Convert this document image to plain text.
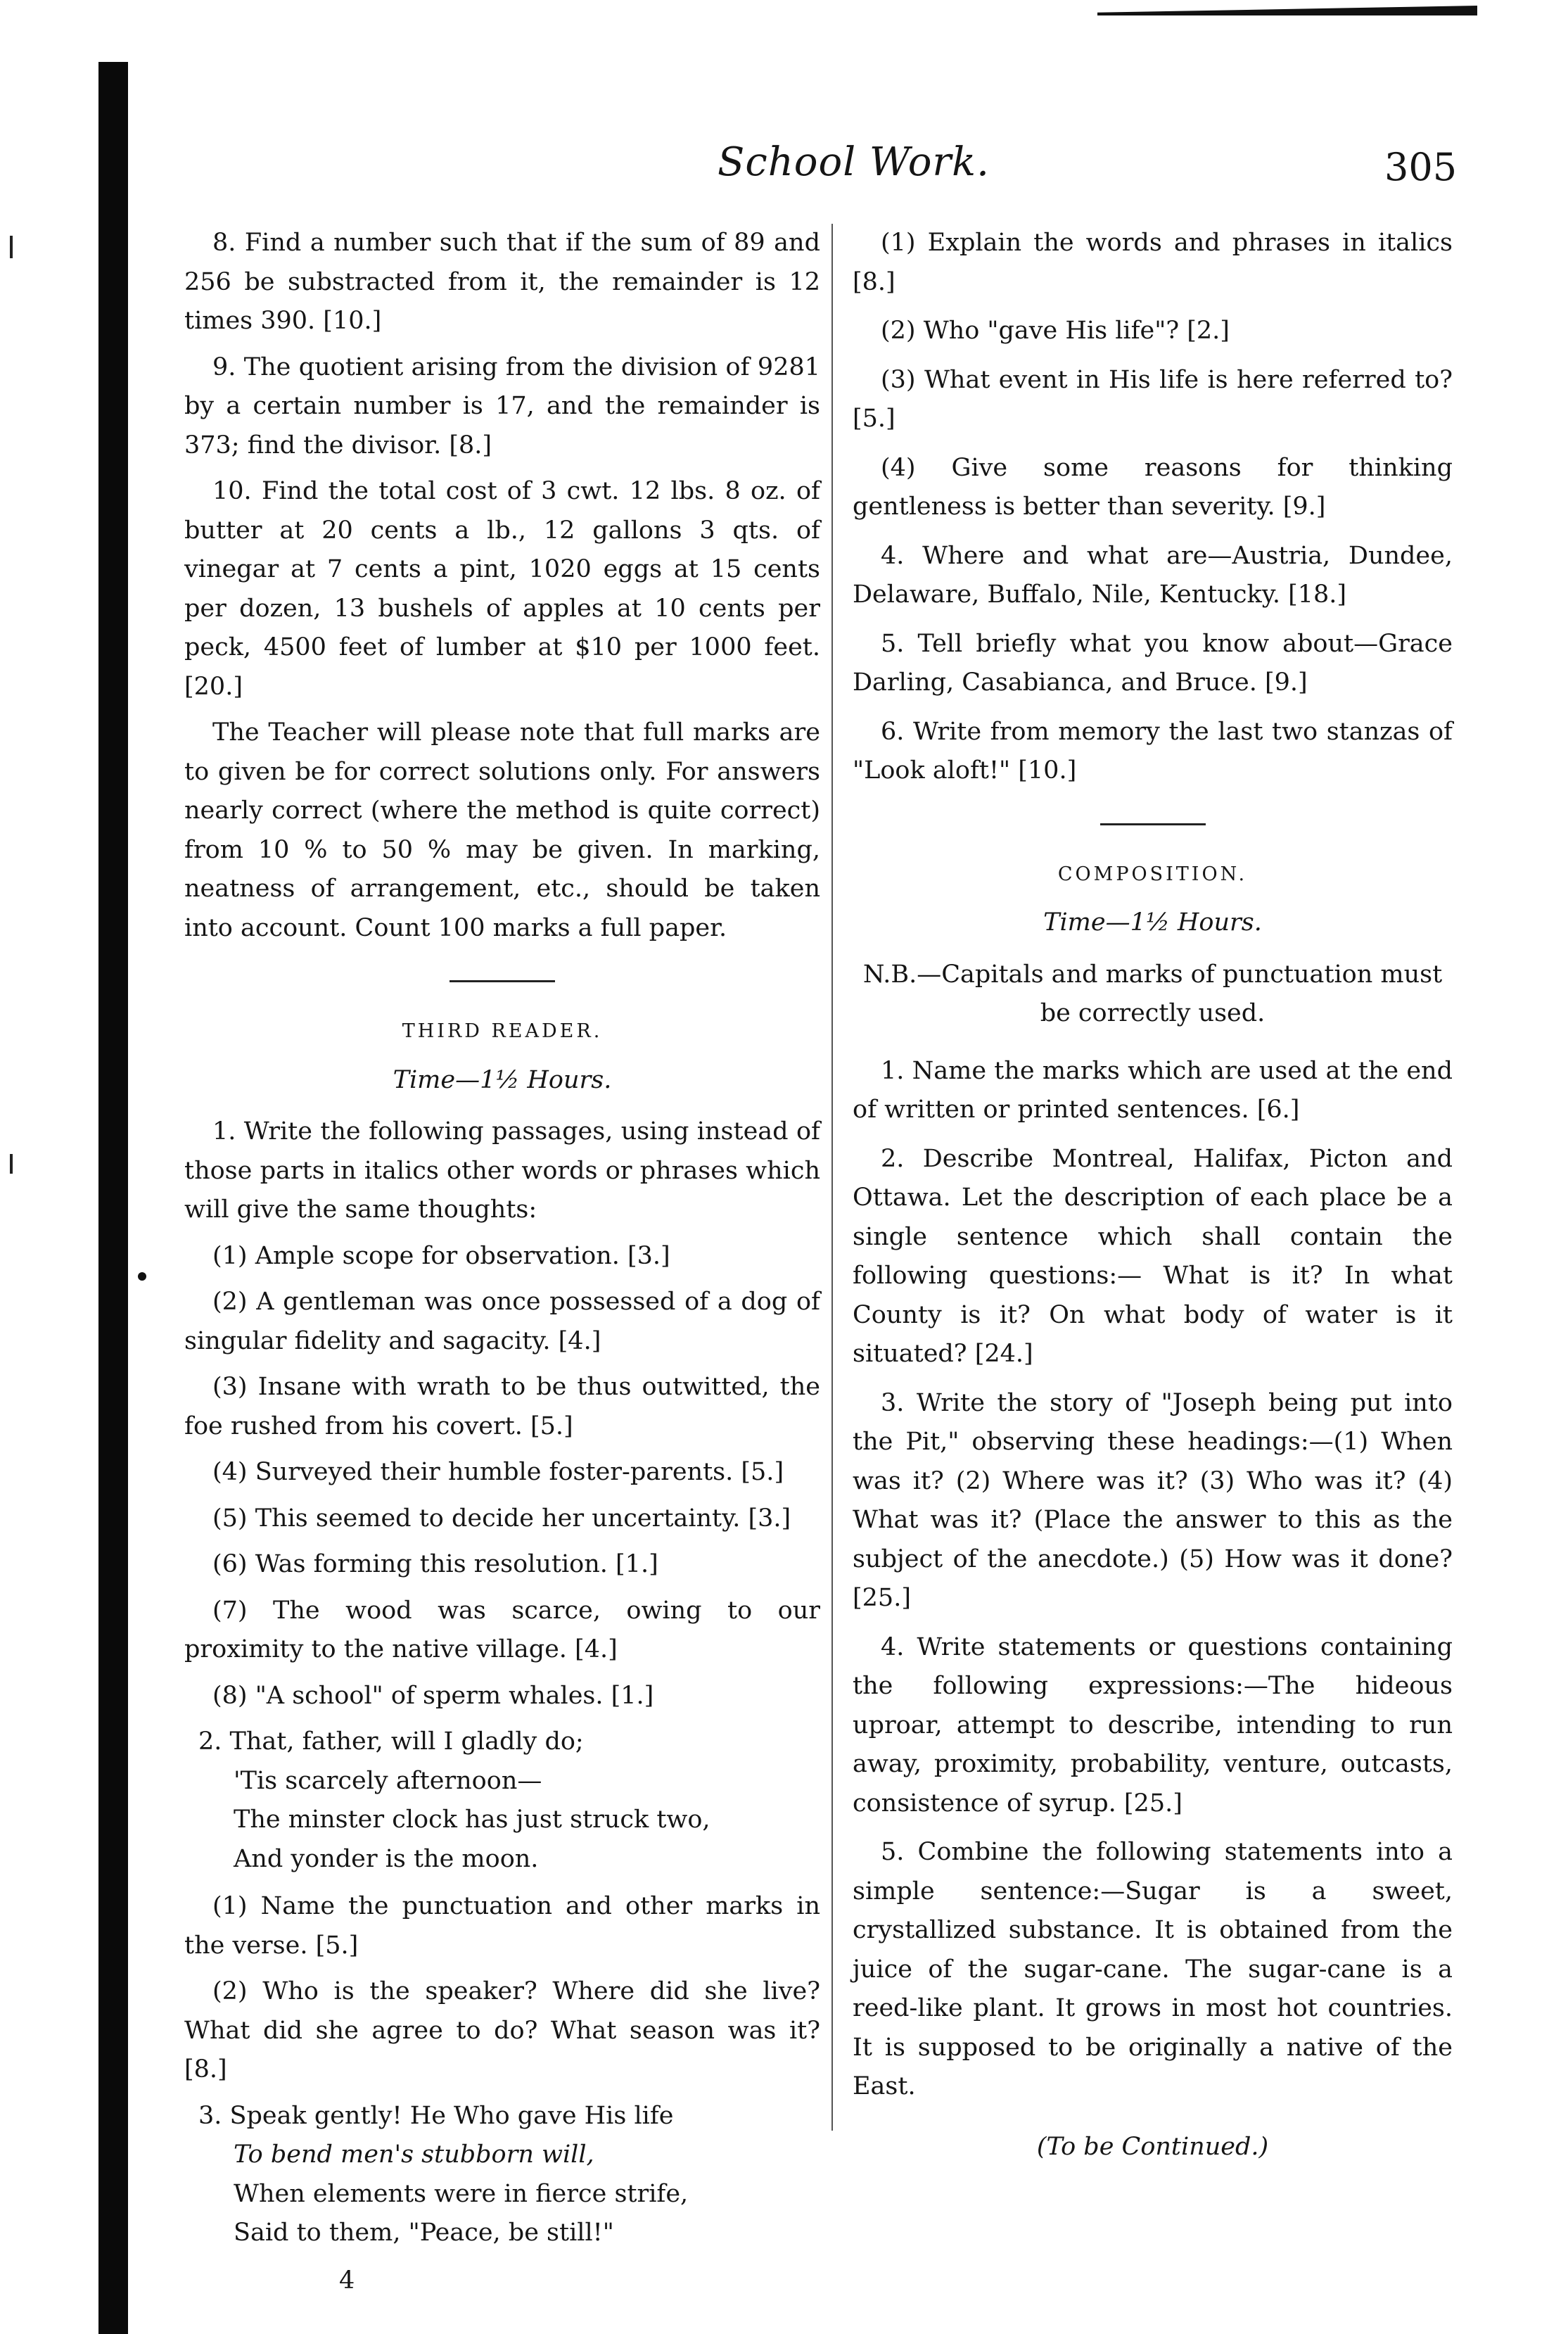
School Work.	305

8. Find a number such that if the sum of 89 and 256 be substracted from it, the remainder is 12 times 390. [10.]

9. The quotient arising from the division of 9281 by a certain number is 17, and the remainder is 373; find the divisor. [8.]

10. Find the total cost of 3 cwt. 12 lbs. 8 oz. of butter at 20 cents a lb., 12 gallons 3 qts. of vinegar at 7 cents a pint, 1020 eggs at 15 cents per dozen, 13 bushels of apples at 10 cents per peck, 4500 feet of lumber at $10 per 1000 feet. [20.]

The Teacher will please note that full marks are to given be for correct solutions only. For answers nearly correct (where the method is quite correct) from 10 % to 50 % may be given. In marking, neatness of arrangement, etc., should be taken into account. Count 100 marks a full paper.

THIRD READER.
Time—1½ Hours.

1. Write the following passages, using instead of those parts in italics other words or phrases which will give the same thoughts:

(1) Ample scope for observation. [3.]

(2) A gentleman was once possessed of a dog of singular fidelity and sagacity. [4.]

(3) Insane with wrath to be thus outwitted, the foe rushed from his covert. [5.]

(4) Surveyed their humble foster-parents. [5.]

(5) This seemed to decide her uncertainty. [3.]

(6) Was forming this resolution. [1.]

(7) The wood was scarce, owing to our proximity to the native village. [4.]

(8) "A school" of sperm whales. [1.]

2. That, father, will I gladly do;
'Tis scarcely afternoon—
The minster clock has just struck two,
And yonder is the moon.

(1) Name the punctuation and other marks in the verse. [5.]

(2) Who is the speaker? Where did she live? What did she agree to do? What season was it? [8.]

3. Speak gently! He Who gave His life
To bend men's stubborn will,
When elements were in fierce strife,
Said to them, "Peace, be still!"
4

(1) Explain the words and phrases in italics [8.]

(2) Who "gave His life"? [2.]

(3) What event in His life is here referred to? [5.]

(4) Give some reasons for thinking gentleness is better than severity. [9.]

4. Where and what are—Austria, Dundee, Delaware, Buffalo, Nile, Kentucky. [18.]

5. Tell briefly what you know about—Grace Darling, Casabianca, and Bruce. [9.]

6. Write from memory the last two stanzas of "Look aloft!" [10.]

COMPOSITION.
Time—1½ Hours.

N.B.—Capitals and marks of punctuation must be correctly used.

1. Name the marks which are used at the end of written or printed sentences. [6.]

2. Describe Montreal, Halifax, Picton and Ottawa. Let the description of each place be a single sentence which shall contain the following questions:— What is it? In what County is it? On what body of water is it situated? [24.]

3. Write the story of "Joseph being put into the Pit," observing these headings:—(1) When was it? (2) Where was it? (3) Who was it? (4) What was it? (Place the answer to this as the subject of the anecdote.) (5) How was it done? [25.]

4. Write statements or questions containing the following expressions:—The hideous uproar, attempt to describe, intending to run away, proximity, probability, venture, outcasts, consistence of syrup. [25.]

5. Combine the following statements into a simple sentence:—Sugar is a sweet, crystallized substance. It is obtained from the juice of the sugar-cane. The sugar-cane is a reed-like plant. It grows in most hot countries. It is supposed to be originally a native of the East.

(To be Continued.)
